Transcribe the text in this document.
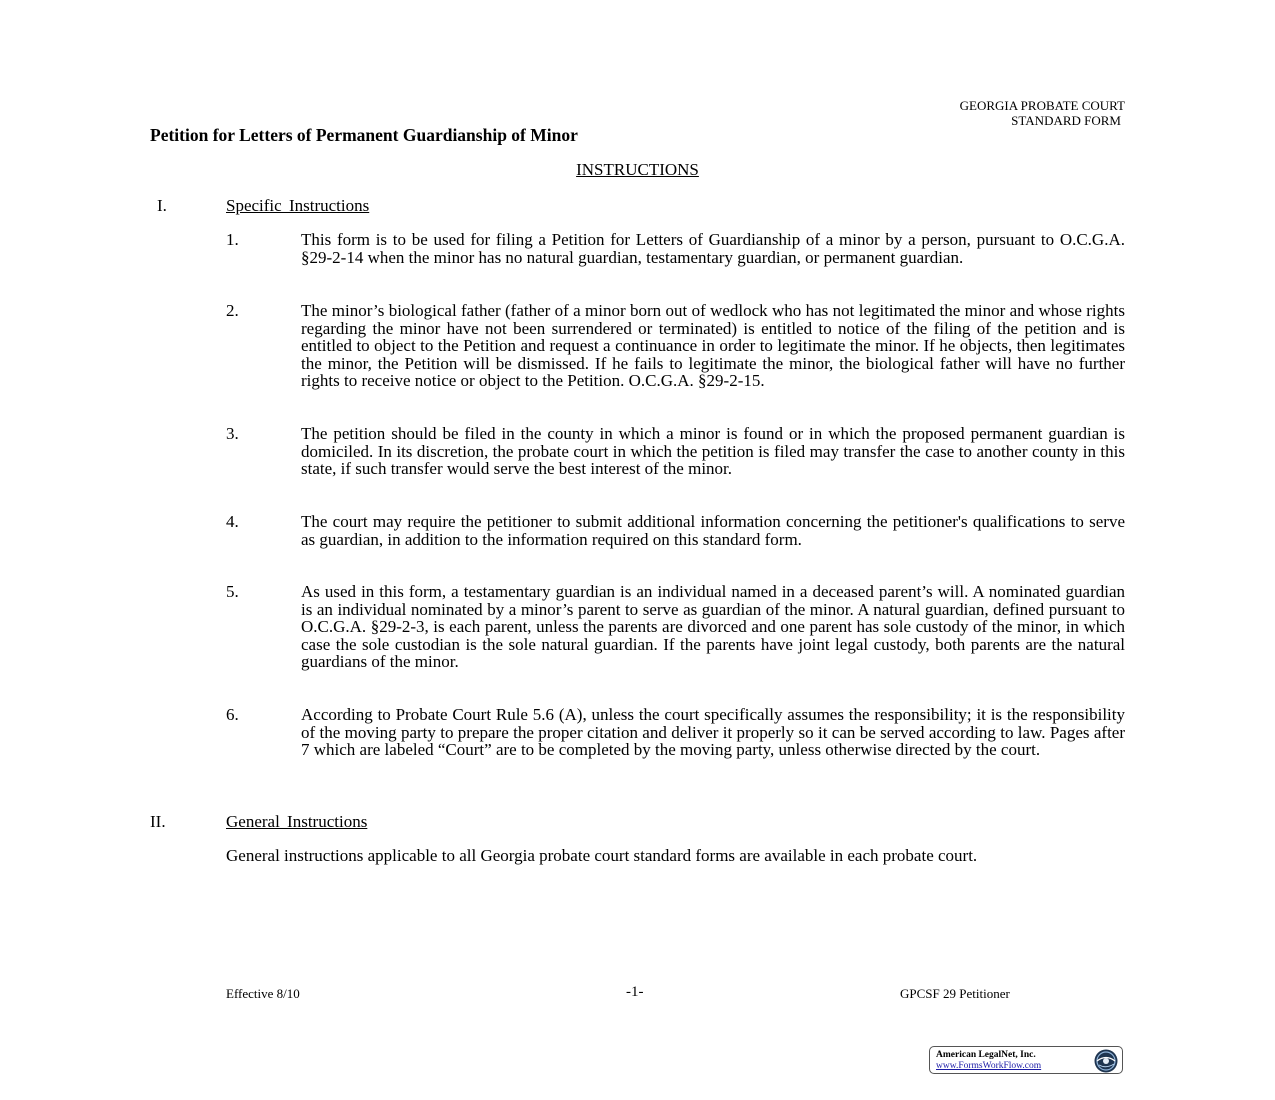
GEORGIA PROBATE COURT
STANDARD FORM
Petition for Letters of Permanent Guardianship of Minor
INSTRUCTIONS
I.	Specific Instructions
1.	This form is to be used for filing a Petition for Letters of Guardianship of a minor by a person, pursuant to O.C.G.A. §29-2-14 when the minor has no natural guardian, testamentary guardian, or permanent guardian.
2.	The minor’s biological father (father of a minor born out of wedlock who has not legitimated the minor and whose rights regarding the minor have not been surrendered or terminated) is entitled to notice of the filing of the petition and is entitled to object to the Petition and request a continuance in order to legitimate the minor. If he objects, then legitimates the minor, the Petition will be dismissed. If he fails to legitimate the minor, the biological father will have no further rights to receive notice or object to the Petition. O.C.G.A. §29-2-15.
3.	The petition should be filed in the county in which a minor is found or in which the proposed permanent guardian is domiciled. In its discretion, the probate court in which the petition is filed may transfer the case to another county in this state, if such transfer would serve the best interest of the minor.
4.	The court may require the petitioner to submit additional information concerning the petitioner's qualifications to serve as guardian, in addition to the information required on this standard form.
5.	As used in this form, a testamentary guardian is an individual named in a deceased parent’s will. A nominated guardian is an individual nominated by a minor’s parent to serve as guardian of the minor. A natural guardian, defined pursuant to O.C.G.A. §29-2-3, is each parent, unless the parents are divorced and one parent has sole custody of the minor, in which case the sole custodian is the sole natural guardian. If the parents have joint legal custody, both parents are the natural guardians of the minor.
6.	According to Probate Court Rule 5.6 (A), unless the court specifically assumes the responsibility; it is the responsibility of the moving party to prepare the proper citation and deliver it properly so it can be served according to law. Pages after 7 which are labeled “Court” are to be completed by the moving party, unless otherwise directed by the court.
II.	General Instructions
General instructions applicable to all Georgia probate court standard forms are available in each probate court.
Effective 8/10	-1-	GPCSF 29 Petitioner
American LegalNet, Inc.
www.FormsWorkFlow.com
